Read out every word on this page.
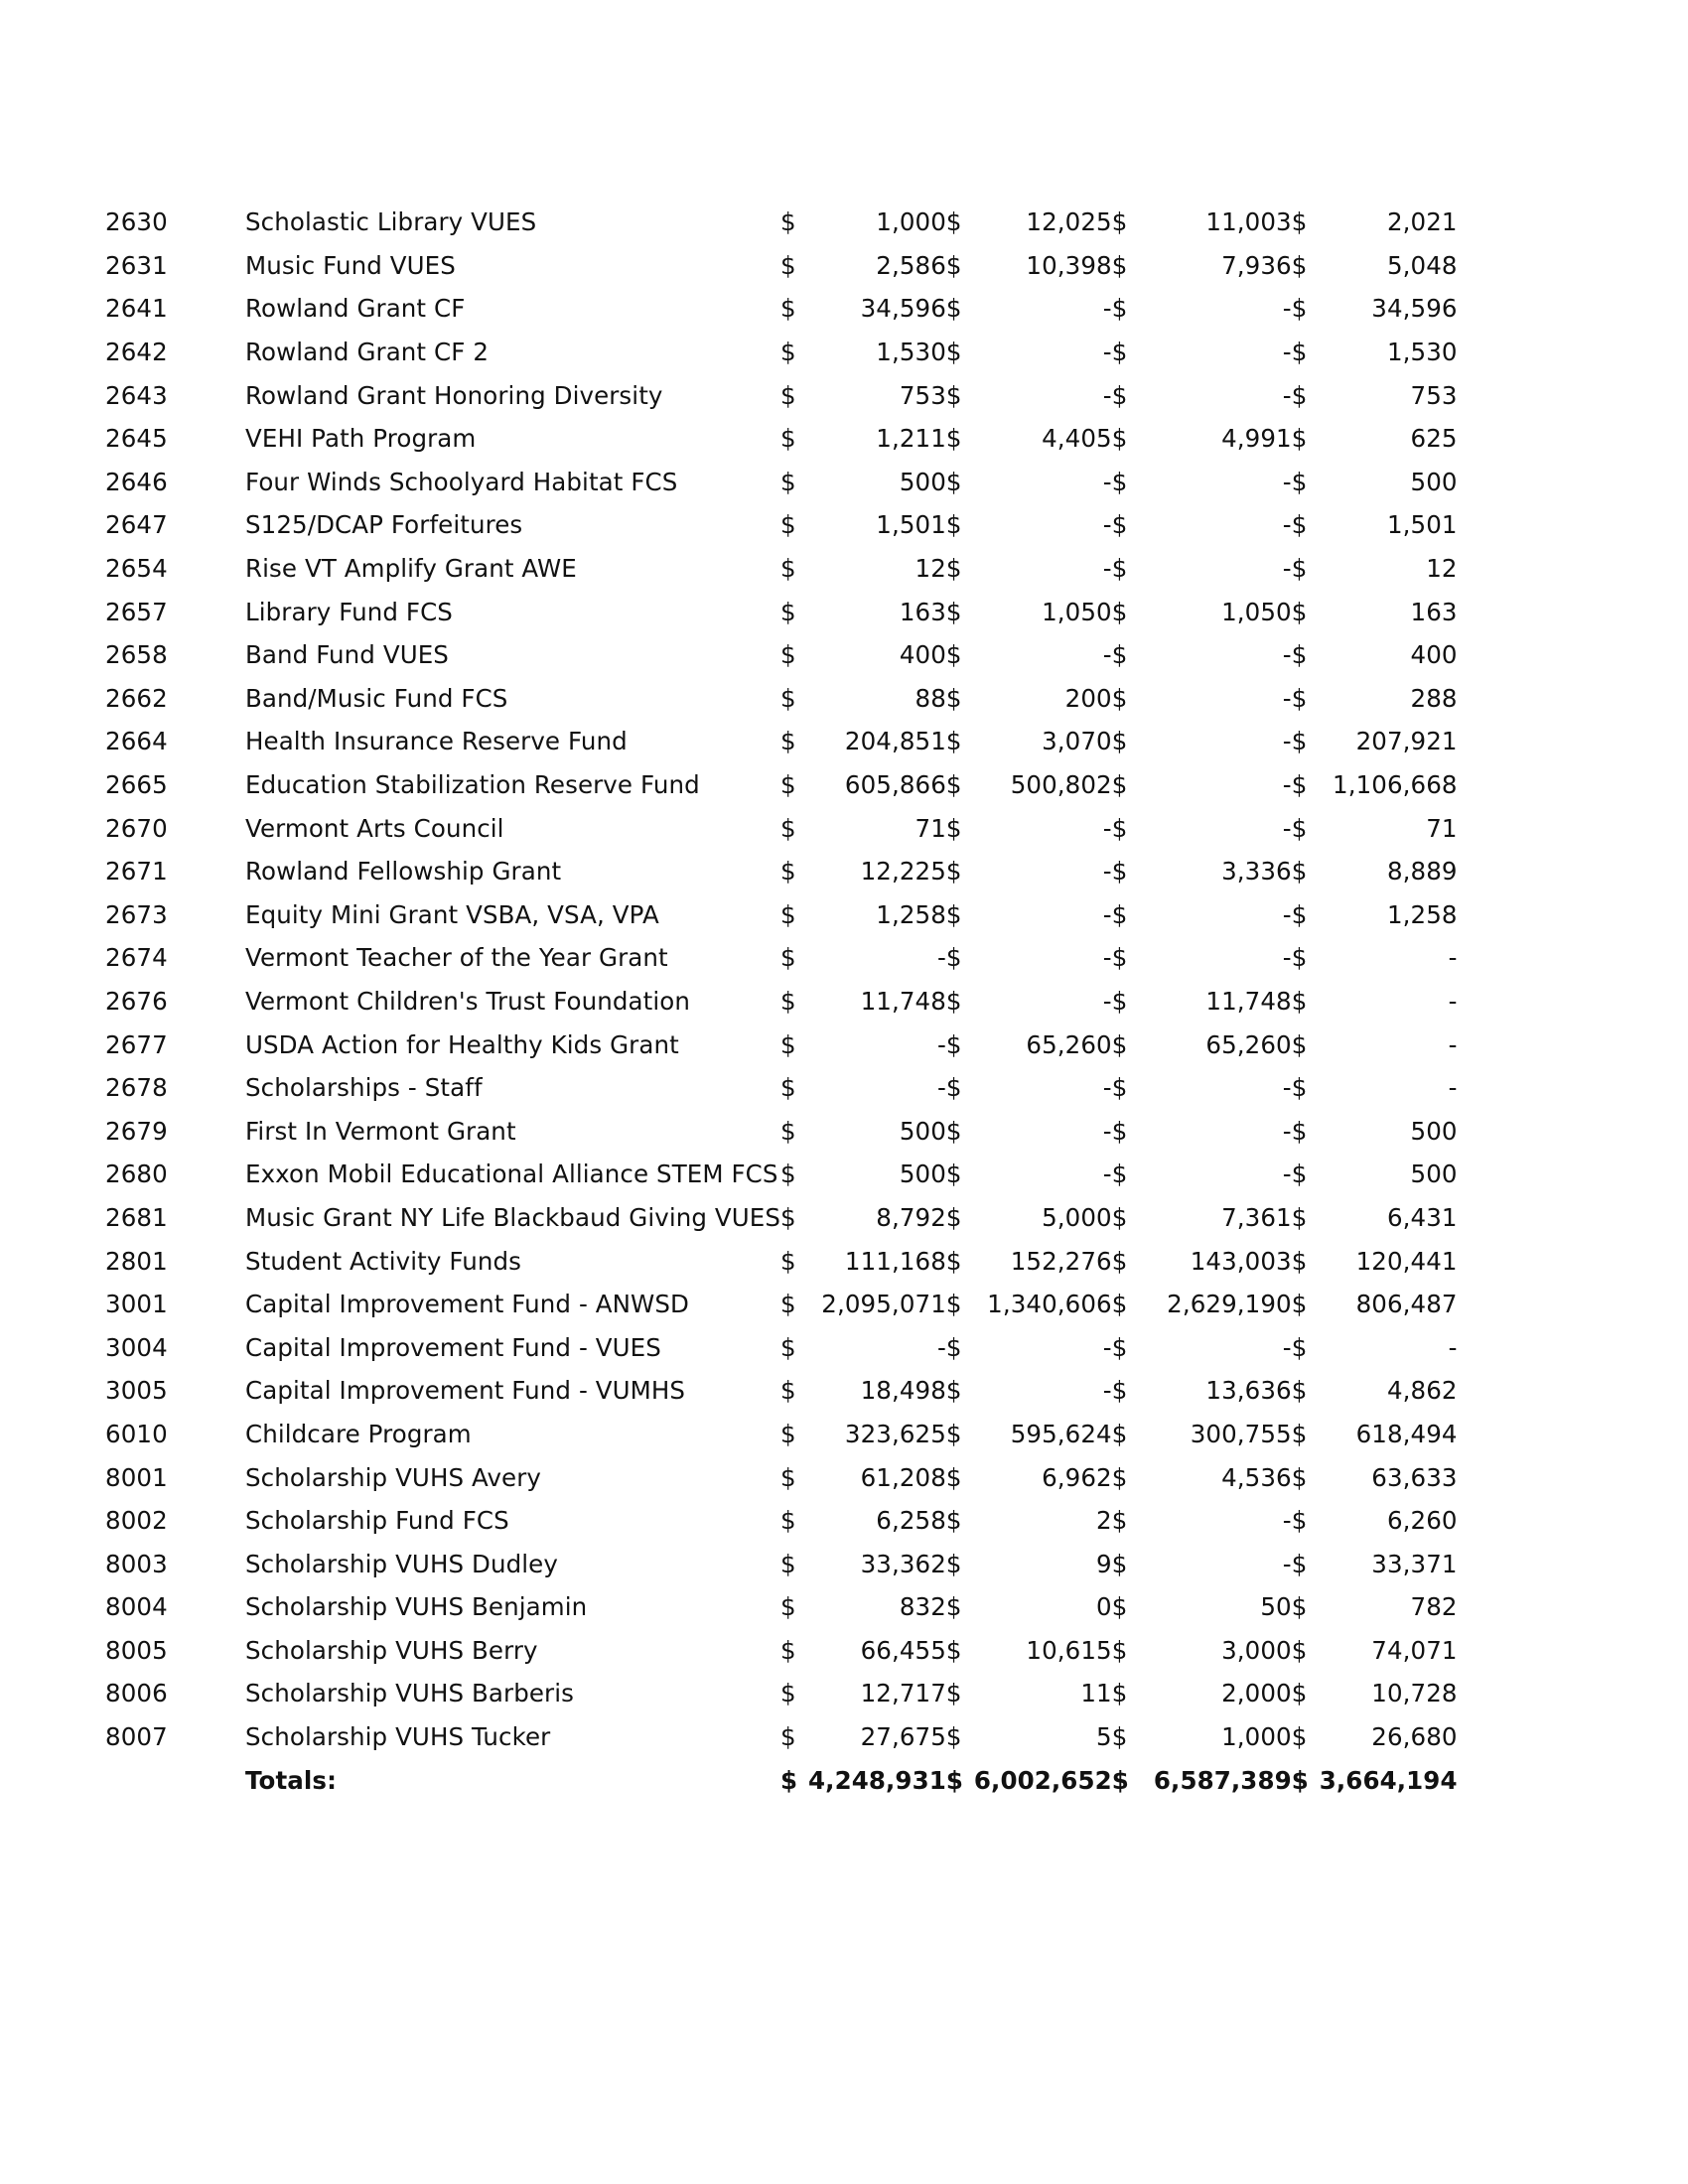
2630	Scholastic Library VUES	$	1,000	$	12,025	$	11,003	$	2,021
2631	Music Fund VUES	$	2,586	$	10,398	$	7,936	$	5,048
2641	Rowland Grant CF	$	34,596	$	-	$	-	$	34,596
2642	Rowland Grant CF 2	$	1,530	$	-	$	-	$	1,530
2643	Rowland Grant Honoring Diversity	$	753	$	-	$	-	$	753
2645	VEHI Path Program	$	1,211	$	4,405	$	4,991	$	625
2646	Four Winds Schoolyard Habitat FCS	$	500	$	-	$	-	$	500
2647	S125/DCAP Forfeitures	$	1,501	$	-	$	-	$	1,501
2654	Rise VT Amplify Grant AWE	$	12	$	-	$	-	$	12
2657	Library Fund FCS	$	163	$	1,050	$	1,050	$	163
2658	Band Fund VUES	$	400	$	-	$	-	$	400
2662	Band/Music Fund FCS	$	88	$	200	$	-	$	288
2664	Health Insurance Reserve Fund	$	204,851	$	3,070	$	-	$	207,921
2665	Education Stabilization Reserve Fund	$	605,866	$	500,802	$	-	$	1,106,668
2670	Vermont Arts Council	$	71	$	-	$	-	$	71
2671	Rowland Fellowship Grant	$	12,225	$	-	$	3,336	$	8,889
2673	Equity Mini Grant VSBA, VSA, VPA	$	1,258	$	-	$	-	$	1,258
2674	Vermont Teacher of the Year Grant	$	-	$	-	$	-	$	-
2676	Vermont Children's Trust Foundation	$	11,748	$	-	$	11,748	$	-
2677	USDA Action for Healthy Kids Grant	$	-	$	65,260	$	65,260	$	-
2678	Scholarships - Staff	$	-	$	-	$	-	$	-
2679	First In Vermont Grant	$	500	$	-	$	-	$	500
2680	Exxon Mobil Educational Alliance STEM FCS	$	500	$	-	$	-	$	500
2681	Music Grant NY Life Blackbaud Giving VUES	$	8,792	$	5,000	$	7,361	$	6,431
2801	Student Activity Funds	$	111,168	$	152,276	$	143,003	$	120,441
3001	Capital Improvement Fund - ANWSD	$	2,095,071	$	1,340,606	$	2,629,190	$	806,487
3004	Capital Improvement Fund - VUES	$	-	$	-	$	-	$	-
3005	Capital Improvement Fund - VUMHS	$	18,498	$	-	$	13,636	$	4,862
6010	Childcare Program	$	323,625	$	595,624	$	300,755	$	618,494
8001	Scholarship VUHS Avery	$	61,208	$	6,962	$	4,536	$	63,633
8002	Scholarship Fund FCS	$	6,258	$	2	$	-	$	6,260
8003	Scholarship VUHS Dudley	$	33,362	$	9	$	-	$	33,371
8004	Scholarship VUHS Benjamin	$	832	$	0	$	50	$	782
8005	Scholarship VUHS Berry	$	66,455	$	10,615	$	3,000	$	74,071
8006	Scholarship VUHS Barberis	$	12,717	$	11	$	2,000	$	10,728
8007	Scholarship VUHS Tucker	$	27,675	$	5	$	1,000	$	26,680
	Totals:	$	4,248,931	$	6,002,652	$	6,587,389	$	3,664,194
